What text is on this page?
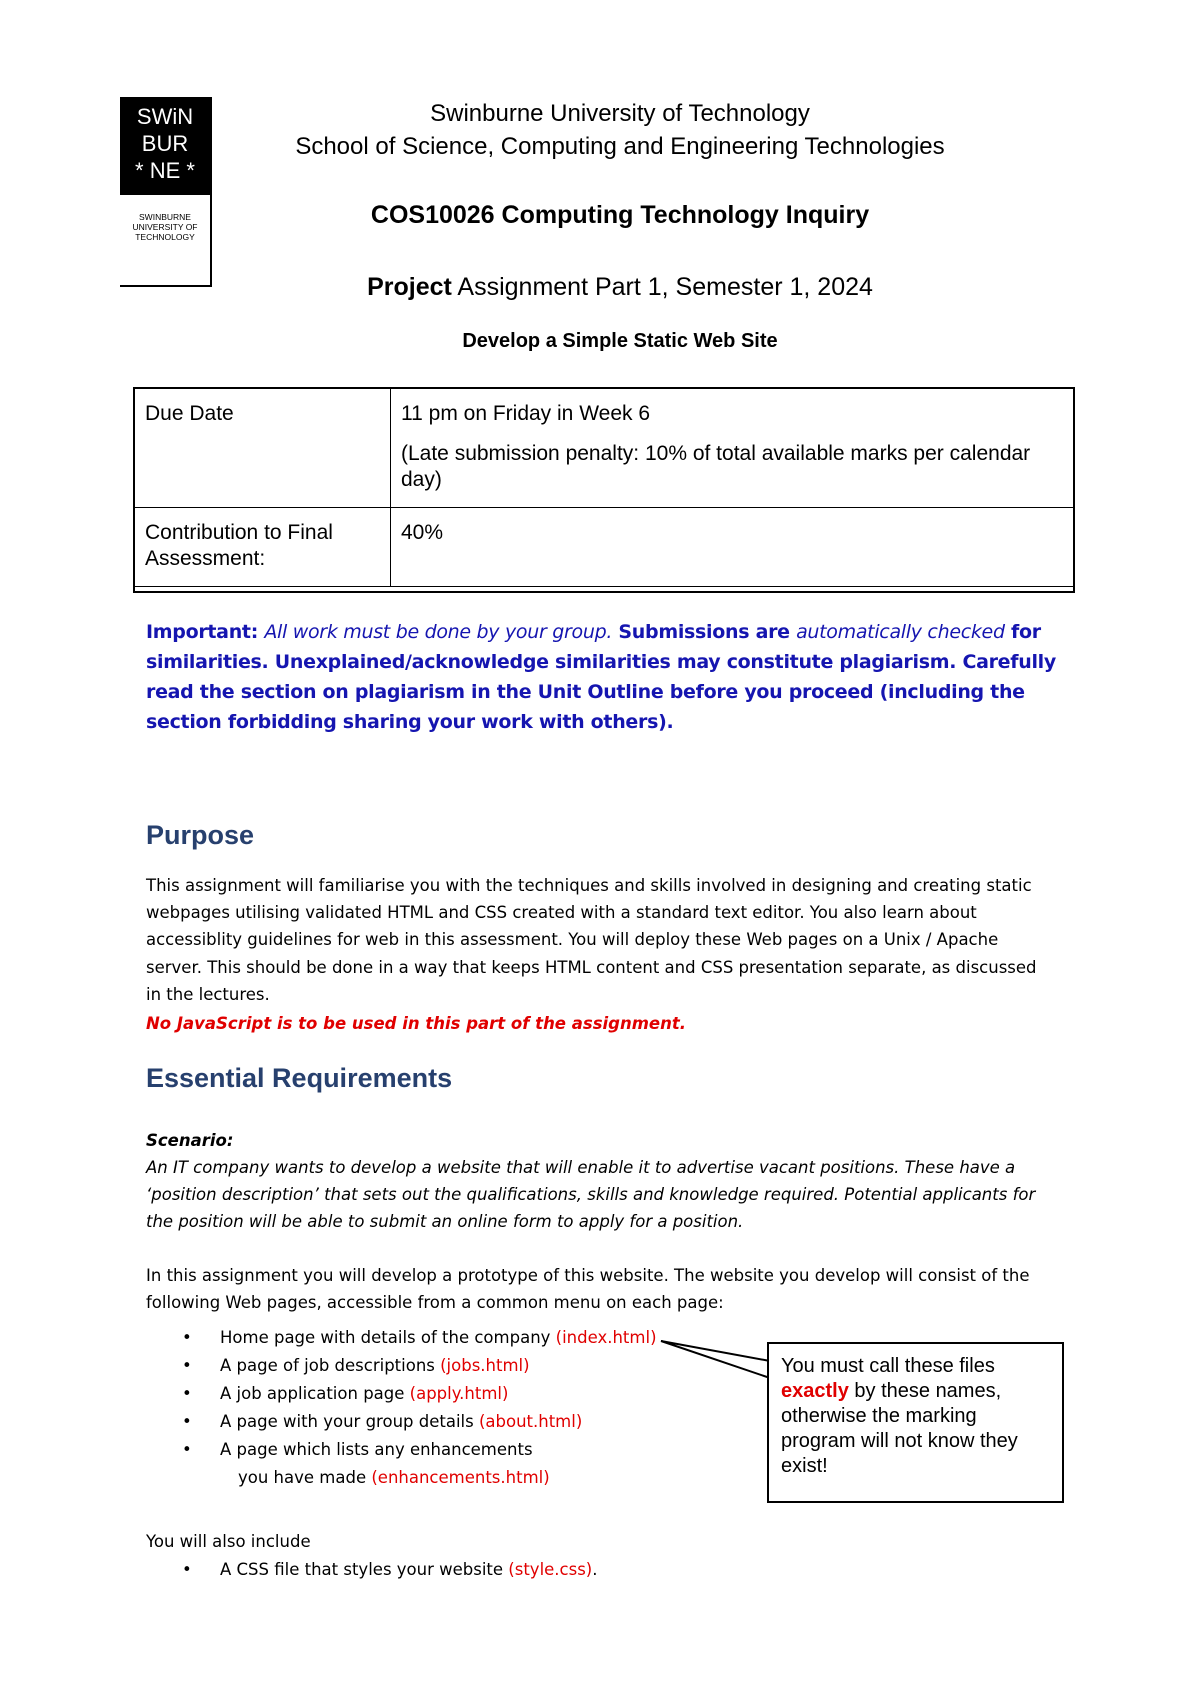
SWiN
BUR
* NE *
SWINBURNE
UNIVERSITY OF
TECHNOLOGY
Swinburne University of Technology
School of Science, Computing and Engineering Technologies
COS10026 Computing Technology Inquiry
Project Assignment Part 1, Semester 1, 2024
Develop a Simple Static Web Site
Due Date	11 pm on Friday in Week 6
(Late submission penalty: 10% of total available marks per calendar day)

Contribution to Final Assessment:	40%
Important: All work must be done by your group. Submissions are automatically checked for similarities. Unexplained/acknowledge similarities may constitute plagiarism. Carefully read the section on plagiarism in the Unit Outline before you proceed (including the section forbidding sharing your work with others).
Purpose
This assignment will familiarise you with the techniques and skills involved in designing and creating static webpages utilising validated HTML and CSS created with a standard text editor. You also learn about accessiblity guidelines for web in this assessment. You will deploy these Web pages on a Unix / Apache server. This should be done in a way that keeps HTML content and CSS presentation separate, as discussed in the lectures.
No JavaScript is to be used in this part of the assignment.
Essential Requirements
Scenario:
An IT company wants to develop a website that will enable it to advertise vacant positions. These have a ‘position description’ that sets out the qualifications, skills and knowledge required. Potential applicants for the position will be able to submit an online form to apply for a position.
In this assignment you will develop a prototype of this website. The website you develop will consist of the following Web pages, accessible from a common menu on each page:
• Home page with details of the company (index.html)
• A page of job descriptions (jobs.html)
• A job application page (apply.html)
• A page with your group details (about.html)
• A page which lists any enhancements
you have made (enhancements.html)
You will also include
• A CSS file that styles your website (style.css).
You must call these files
exactly by these names, otherwise the marking program will not know they exist!
